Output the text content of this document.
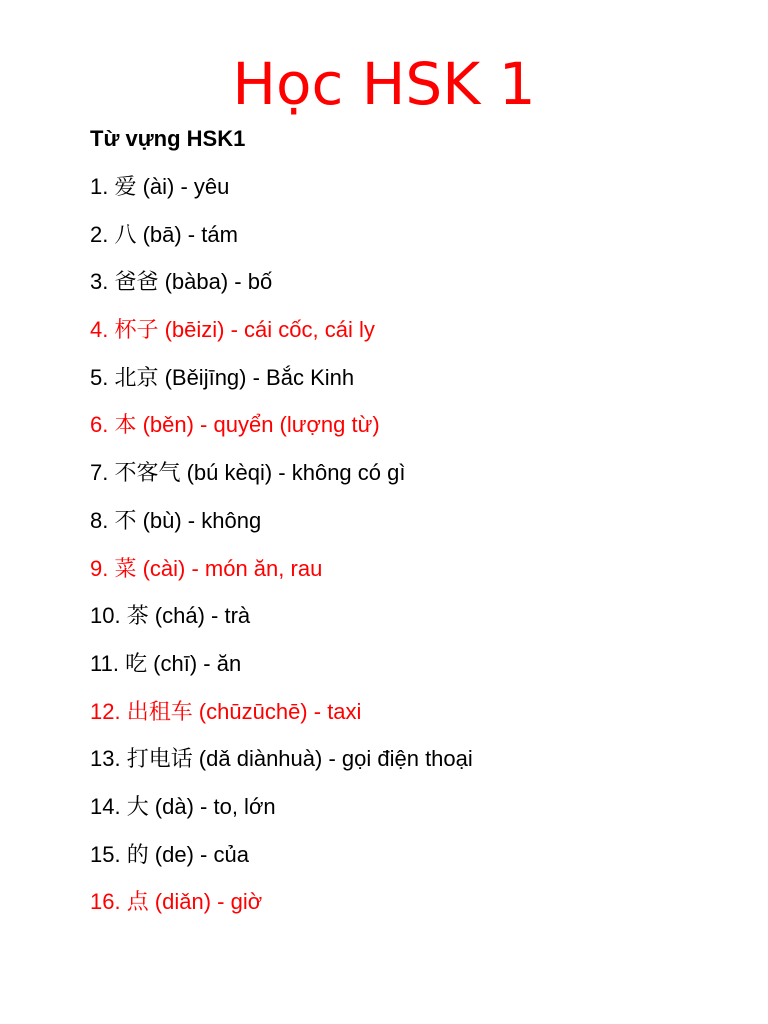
Học HSK 1

Từ vựng HSK1

1. 爱 (ài) - yêu
2. 八 (bā) - tám
3. 爸爸 (bàba) - bố
4. 杯子 (bēizi) - cái cốc, cái ly
5. 北京 (Běijīng) - Bắc Kinh
6. 本 (běn) - quyển (lượng từ)
7. 不客气 (bú kèqi) - không có gì
8. 不 (bù) - không
9. 菜 (cài) - món ăn, rau
10. 茶 (chá) - trà
11. 吃 (chī) - ăn
12. 出租车 (chūzūchē) - taxi
13. 打电话 (dǎ diànhuà) - gọi điện thoại
14. 大 (dà) - to, lớn
15. 的 (de) - của
16. 点 (diǎn) - giờ
